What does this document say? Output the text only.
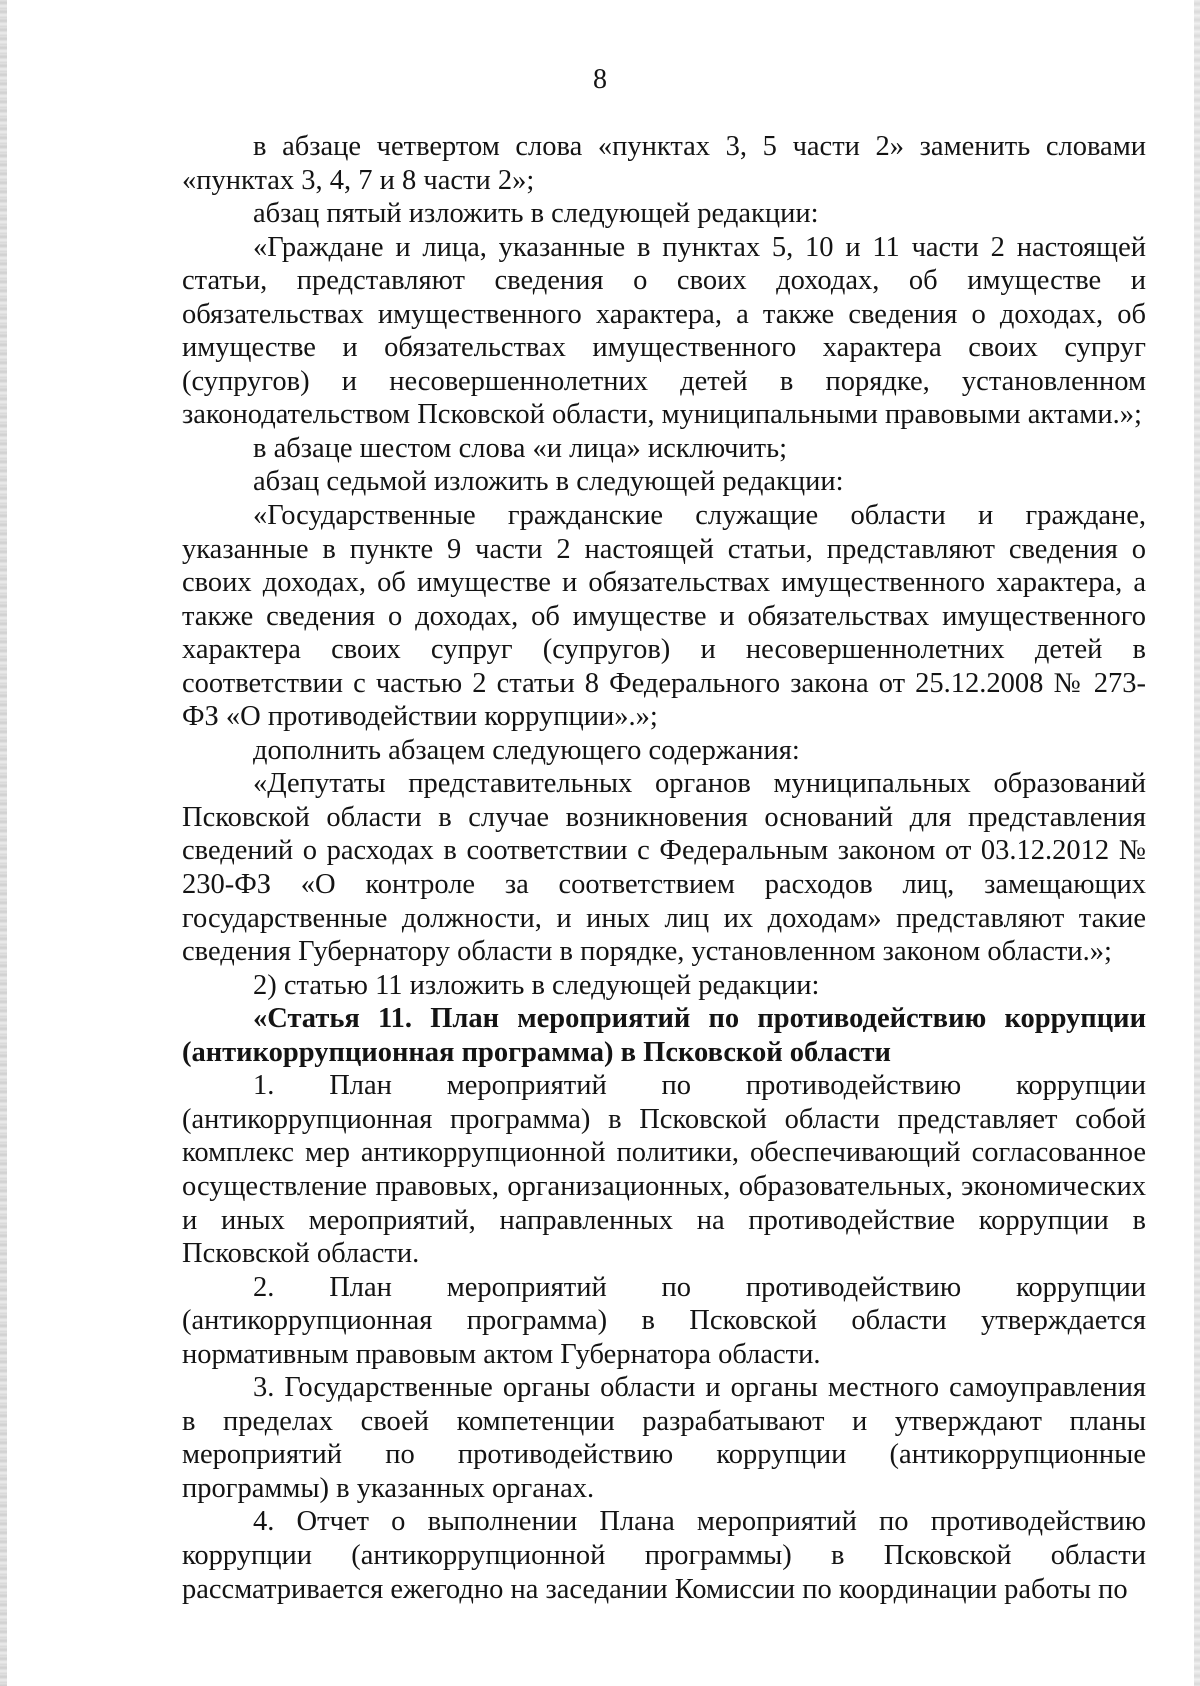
8

в абзаце четвертом слова «пунктах 3, 5 части 2» заменить словами «пунктах 3, 4, 7 и 8 части 2»;

абзац пятый изложить в следующей редакции:

«Граждане и лица, указанные в пунктах 5, 10 и 11 части 2 настоящей статьи, представляют сведения о своих доходах, об имуществе и обязательствах имущественного характера, а также сведения о доходах, об имуществе и обязательствах имущественного характера своих супруг (супругов) и несовершеннолетних детей в порядке, установленном законодательством Псковской области, муниципальными правовыми актами.»;

в абзаце шестом слова «и лица» исключить;

абзац седьмой изложить в следующей редакции:

«Государственные гражданские служащие области и граждане, указанные в пункте 9 части 2 настоящей статьи, представляют сведения о своих доходах, об имуществе и обязательствах имущественного характера, а также сведения о доходах, об имуществе и обязательствах имущественного характера своих супруг (супругов) и несовершеннолетних детей в соответствии с частью 2 статьи 8 Федерального закона от 25.12.2008 № 273-ФЗ «О противодействии коррупции».»;

дополнить абзацем следующего содержания:

«Депутаты представительных органов муниципальных образований Псковской области в случае возникновения оснований для представления сведений о расходах в соответствии с Федеральным законом от 03.12.2012 № 230-ФЗ «О контроле за соответствием расходов лиц, замещающих государственные должности, и иных лиц их доходам» представляют такие сведения Губернатору области в порядке, установленном законом области.»;

2) статью 11 изложить в следующей редакции:

«Статья 11. План мероприятий по противодействию коррупции (антикоррупционная программа) в Псковской области

1. План мероприятий по противодействию коррупции (антикоррупционная программа) в Псковской области представляет собой комплекс мер антикоррупционной политики, обеспечивающий согласованное осуществление правовых, организационных, образовательных, экономических и иных мероприятий, направленных на противодействие коррупции в Псковской области.

2. План мероприятий по противодействию коррупции (антикоррупционная программа) в Псковской области утверждается нормативным правовым актом Губернатора области.

3. Государственные органы области и органы местного самоуправления в пределах своей компетенции разрабатывают и утверждают планы мероприятий по противодействию коррупции (антикоррупционные программы) в указанных органах.

4. Отчет о выполнении Плана мероприятий по противодействию коррупции (антикоррупционной программы) в Псковской области рассматривается ежегодно на заседании Комиссии по координации работы по
